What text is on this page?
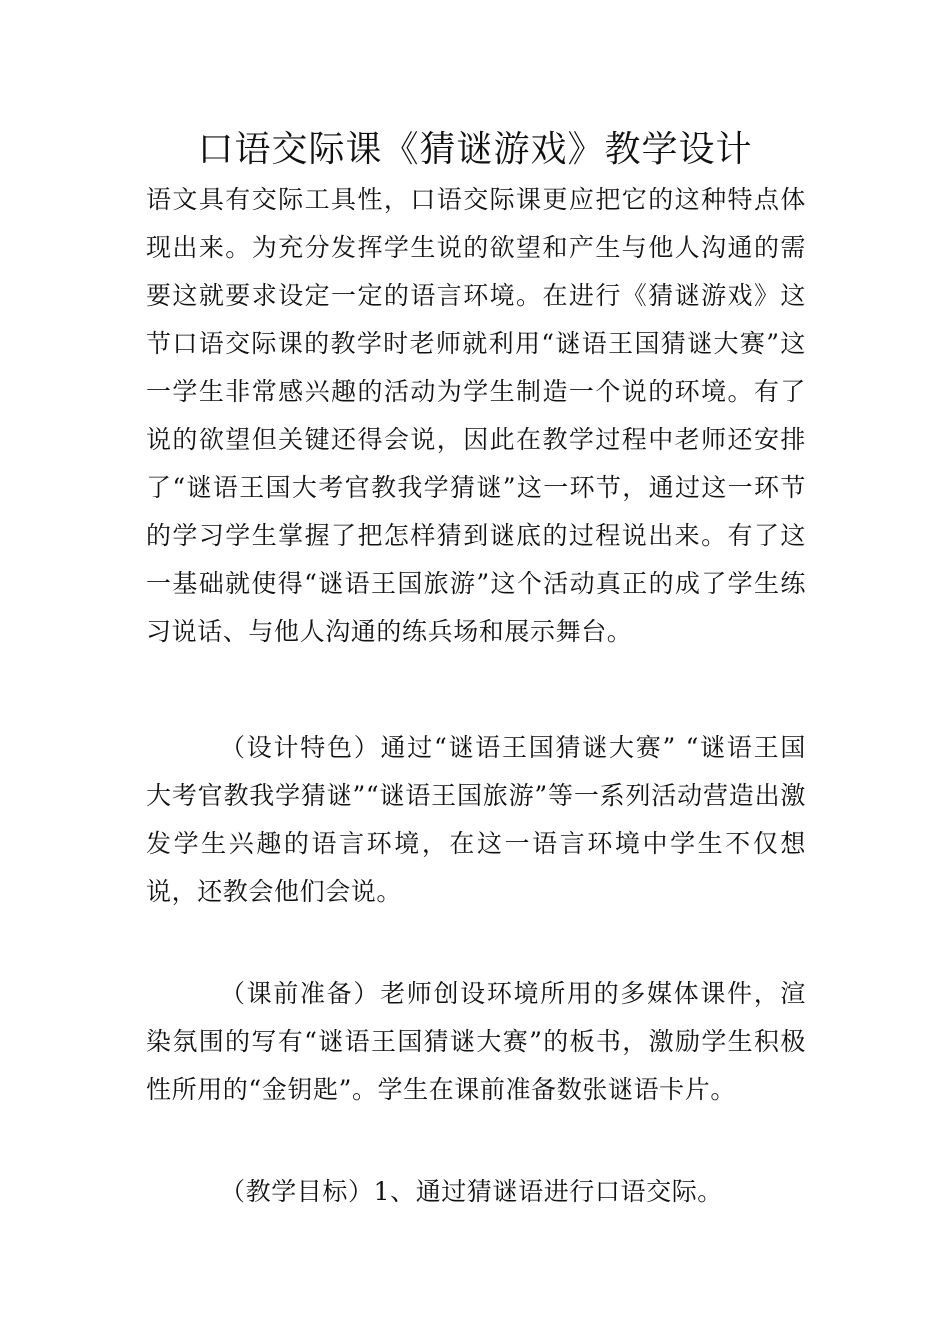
口语交际课《猜谜游戏》教学设计

语文具有交际工具性，口语交际课更应把它的这种特点体现出来。为充分发挥学生说的欲望和产生与他人沟通的需要这就要求设定一定的语言环境。在进行《猜谜游戏》这节口语交际课的教学时老师就利用“谜语王国猜谜大赛”这一学生非常感兴趣的活动为学生制造一个说的环境。有了说的欲望但关键还得会说，因此在教学过程中老师还安排了“谜语王国大考官教我学猜谜”这一环节，通过这一环节的学习学生掌握了把怎样猜到谜底的过程说出来。有了这一基础就使得“谜语王国旅游”这个活动真正的成了学生练习说话、与他人沟通的练兵场和展示舞台。

（设计特色）通过“谜语王国猜谜大赛” “谜语王国大考官教我学猜谜”“谜语王国旅游”等一系列活动营造出激发学生兴趣的语言环境，在这一语言环境中学生不仅想说，还教会他们会说。

（课前准备）老师创设环境所用的多媒体课件，渲染氛围的写有“谜语王国猜谜大赛”的板书，激励学生积极性所用的“金钥匙”。学生在课前准备数张谜语卡片。

（教学目标）1、通过猜谜语进行口语交际。
